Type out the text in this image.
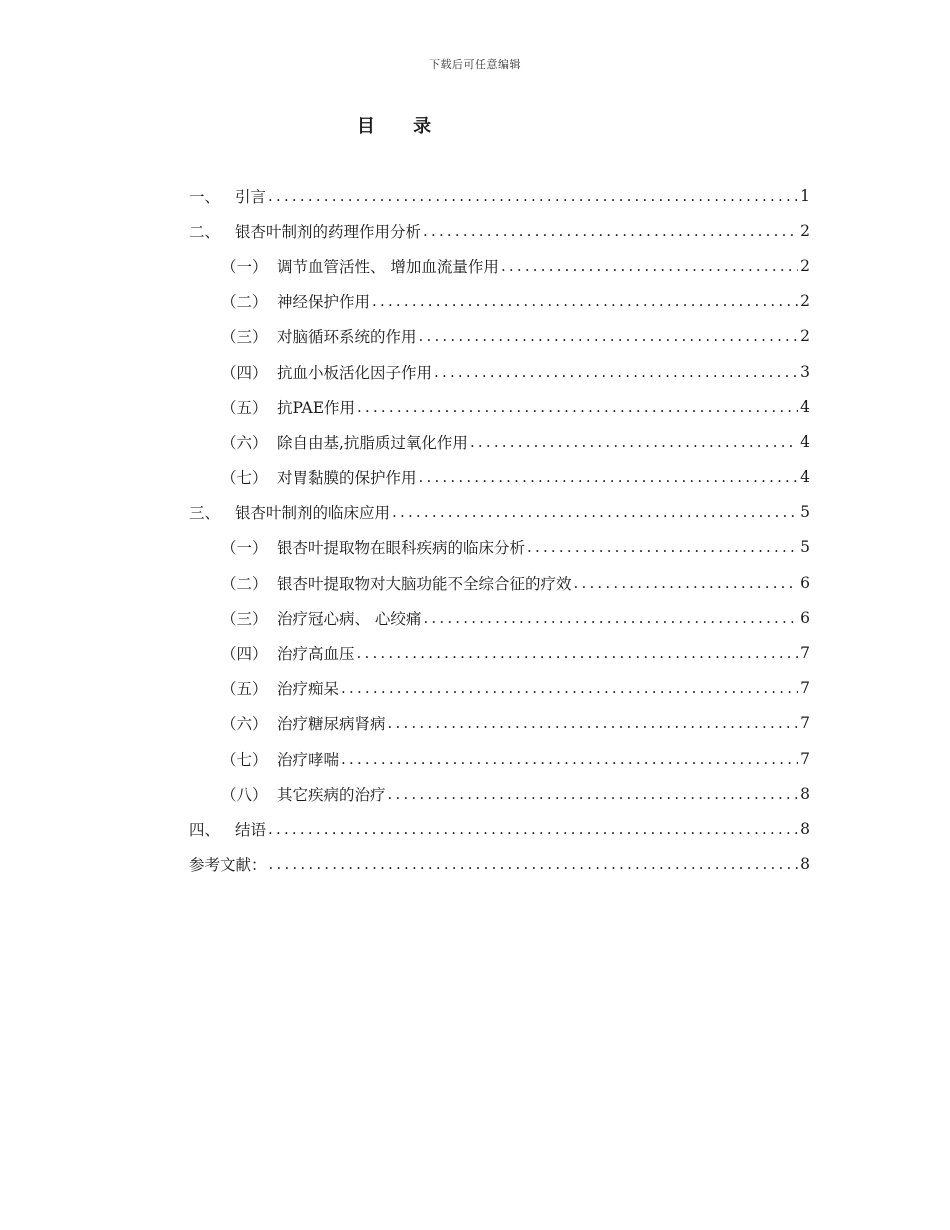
下载后可任意编辑
目 录
一、 引言 .....	1
二、 银杏叶制剂的药理作用分析 .....	2
（一） 调节血管活性、 增加血流量作用 .....	2
（二） 神经保护作用 .....	2
（三） 对脑循环系统的作用 .....	2
（四） 抗血小板活化因子作用 .....	3
（五） 抗PAE作用 .....	4
（六） 除自由基,抗脂质过氧化作用 .....	4
（七） 对胃黏膜的保护作用 .....	4
三、 银杏叶制剂的临床应用 .....	5
（一） 银杏叶提取物在眼科疾病的临床分析 .....	5
（二） 银杏叶提取物对大脑功能不全综合征的疗效 .....	6
（三） 治疗冠心病、 心绞痛 .....	6
（四） 治疗高血压 .....	7
（五） 治疗痴呆 .....	7
（六） 治疗糖尿病肾病 .....	7
（七） 治疗哮喘 .....	7
（八） 其它疾病的治疗 .....	8
四、 结语 .....	8
参考文献： .....	8
